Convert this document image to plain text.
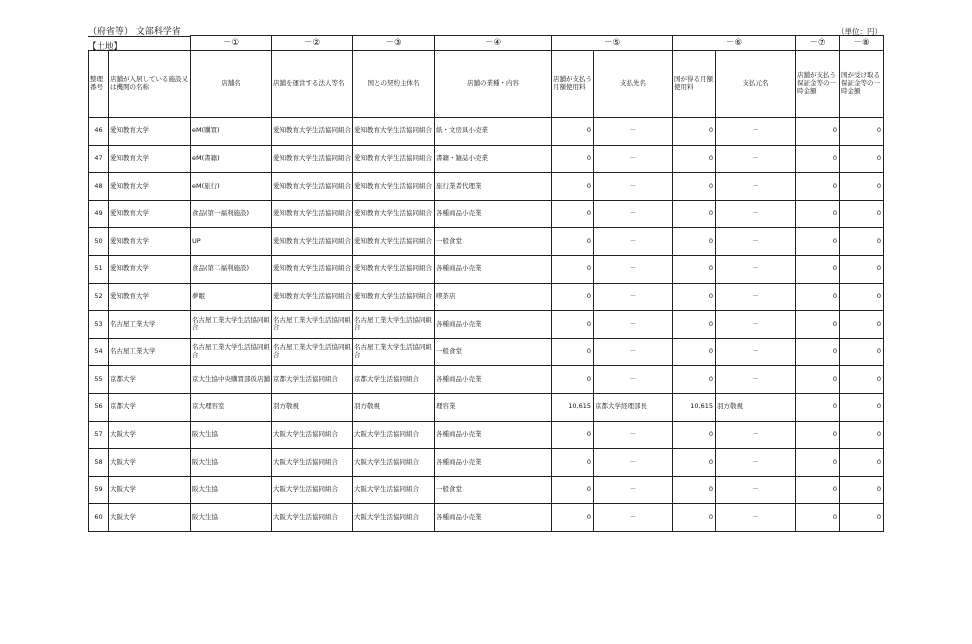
（府省等） 文部科学省
【土地】
（単位：円）
		－①	－②	－③	－④	－⑤		－⑥		－⑦	－⑧
整理番号	店舗が入居している施設又は機関の名称	店舗名	店舗を運営する法人等名	国との契約主体名	店舗の業種・内容	店舗が支払う月額使用料	支払先名	国が得る月額使用料	支払元名	店舗が支払う保証金等の一時金額	国が受け取る保証金等の一時金額
46	愛知教育大学	eM(購買)	愛知教育大学生活協同組合	愛知教育大学生活協同組合	紙・文房具小売業	0	－	0	－	0	0
47	愛知教育大学	eM(書籍)	愛知教育大学生活協同組合	愛知教育大学生活協同組合	書籍・雑誌小売業	0	－	0	－	0	0
48	愛知教育大学	eM(旅行)	愛知教育大学生活協同組合	愛知教育大学生活協同組合	旅行業者代理業	0	－	0	－	0	0
49	愛知教育大学	食品(第一福利施設)	愛知教育大学生活協同組合	愛知教育大学生活協同組合	各種商品小売業	0	－	0	－	0	0
50	愛知教育大学	UP	愛知教育大学生活協同組合	愛知教育大学生活協同組合	一般食堂	0	－	0	－	0	0
51	愛知教育大学	食品(第二福利施設)	愛知教育大学生活協同組合	愛知教育大学生活協同組合	各種商品小売業	0	－	0	－	0	0
52	愛知教育大学	夢眠	愛知教育大学生活協同組合	愛知教育大学生活協同組合	喫茶店	0	－	0	－	0	0
53	名古屋工業大学	名古屋工業大学生活協同組合	名古屋工業大学生活協同組合	名古屋工業大学生活協同組合	各種商品小売業	0	－	0	－	0	0
54	名古屋工業大学	名古屋工業大学生活協同組合	名古屋工業大学生活協同組合	名古屋工業大学生活協同組合	一般食堂	0	－	0	－	0	0
55	京都大学	京大生協中央購買部仮店舗	京都大学生活協同組合	京都大学生活協同組合	各種商品小売業	0	－	0	－	0	0
56	京都大学	京大理容室	羽方敬視	羽方敬視	理容業	10,615	京都大学経理部長	10,615	羽方敬視	0	0
57	大阪大学	阪大生協	大阪大学生活協同組合	大阪大学生活協同組合	各種商品小売業	0	－	0	－	0	0
58	大阪大学	阪大生協	大阪大学生活協同組合	大阪大学生活協同組合	各種商品小売業	0	－	0	－	0	0
59	大阪大学	阪大生協	大阪大学生活協同組合	大阪大学生活協同組合	一般食堂	0	－	0	－	0	0
60	大阪大学	阪大生協	大阪大学生活協同組合	大阪大学生活協同組合	各種商品小売業	0	－	0	－	0	0
